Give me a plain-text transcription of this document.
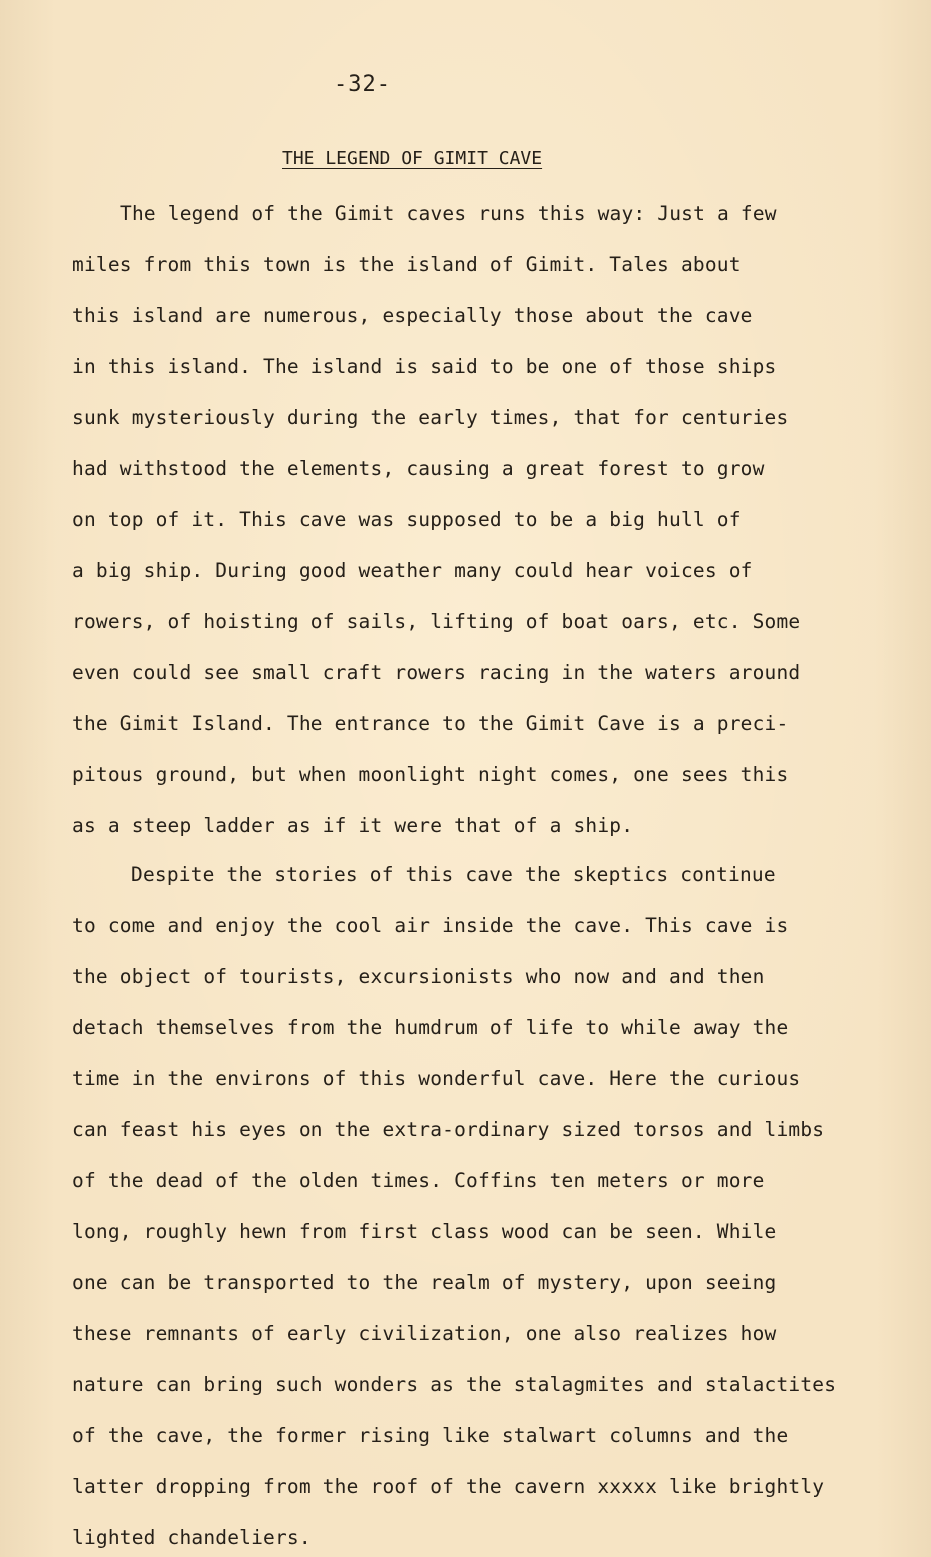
-32-
THE LEGEND OF GIMIT CAVE
The legend of the Gimit caves runs this way: Just a few
miles from this town is the island of Gimit. Tales about
this island are numerous, especially those about the cave
in this island. The island is said to be one of those ships
sunk mysteriously during the early times, that for centuries
had withstood the elements, causing a great forest to grow
on top of it. This cave was supposed to be a big hull of
a big ship. During good weather many could hear voices of
rowers, of hoisting of sails, lifting of boat oars, etc. Some
even could see small craft rowers racing in the waters around
the Gimit Island. The entrance to the Gimit Cave is a preci-
pitous ground, but when moonlight night comes, one sees this
as a steep ladder as if it were that of a ship.
Despite the stories of this cave the skeptics continue
to come and enjoy the cool air inside the cave. This cave is
the object of tourists, excursionists who now and and then
detach themselves from the humdrum of life to while away the
time in the environs of this wonderful cave. Here the curious
can feast his eyes on the extra-ordinary sized torsos and limbs
of the dead of the olden times. Coffins ten meters or more
long, roughly hewn from first class wood can be seen. While
one can be transported to the realm of mystery, upon seeing
these remnants of early civilization, one also realizes how
nature can bring such wonders as the stalagmites and stalactites
of the cave, the former rising like stalwart columns and the
latter dropping from the roof of the cavern xxxxx like brightly
lighted chandeliers.
